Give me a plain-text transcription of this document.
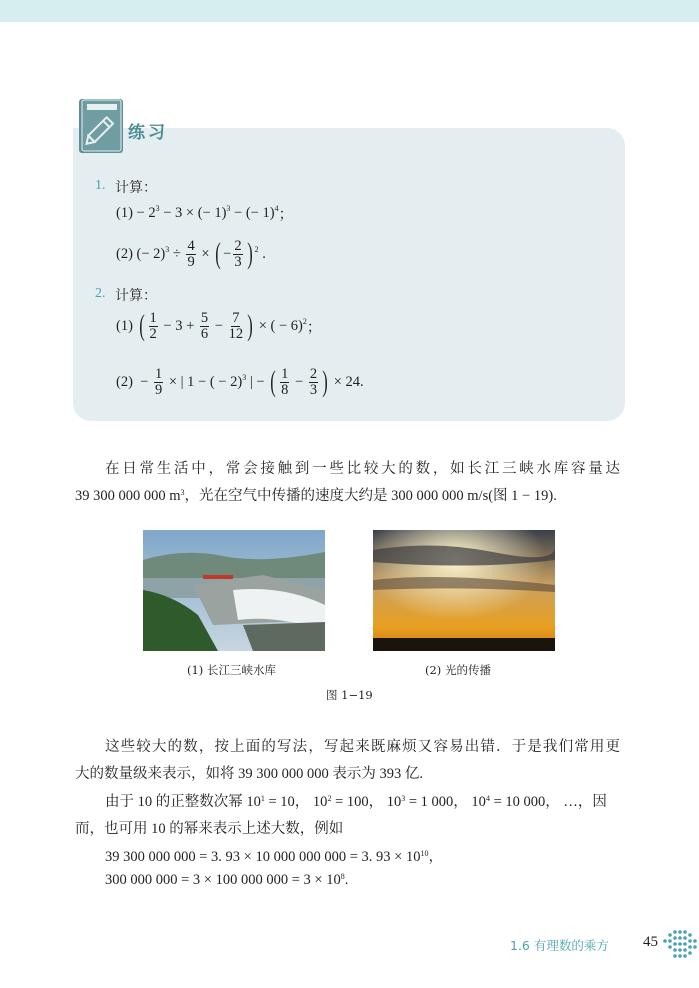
练习
1. 计算：
$(1) - 2^3 - 3$ × (− 1)$^3$ − (− 1)$^4$ ；
(2) (− $2)^3 \div \frac{4}{9}$ × ( − $\frac{2}{3}$ ) $^2$ .
2. 计算：
(1) ( $\frac{1}{2} - 3 + \frac{5}{6} - \frac{7}{12}$ ) × ( − 6)$^2$ ；
$(2) - \frac{1}{9}$ × | 1 − ( − 2)$^3$ | − ( $\frac{1}{8} - \frac{2}{3}$ ) × 24.
在日常生活中，常会接触到一些比较大的数，如长江三峡水库容量达
39 300 000 000 $m^3$，光在空气中传播的速度大约是 300 000 000 m/s(图 1 − 19).
(1) 长江三峡水库	(2) 光的传播
图 1−19
这些较大的数，按上面的写法，写起来既麻烦又容易出错．于是我们常用更
大的数量级来表示，如将 39 300 000 000 表示为 393 亿.
由于 10 的正整数次幂 $10^1 = 10$， $10^2 = 100$， $10^3 = 1$ 000， $10^4 = 10$ 000， …，因
而，也可用 10 的幂来表示上述大数，例如
39 300 000 000 = 3. 93 × 10 000 000 000 = 3. $93 \times 10^{10}$，
300 000 000 = 3 × 100 000 $000 = 3 \times 10^8$.
1.6 有理数的乘方 45
